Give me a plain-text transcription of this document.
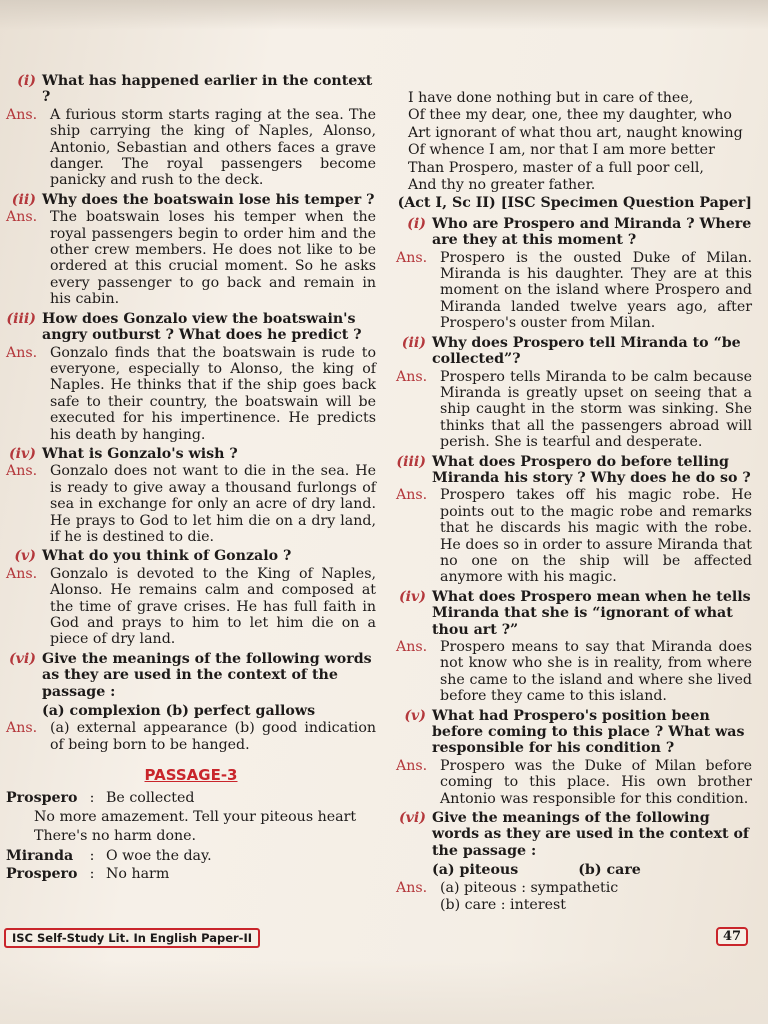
(i) What has happened earlier in the context ?
Ans. A furious storm starts raging at the sea. The ship carrying the king of Naples, Alonso, Antonio, Sebastian and others faces a grave danger. The royal passengers become panicky and rush to the deck.
(ii) Why does the boatswain lose his temper ?
Ans. The boatswain loses his temper when the royal passengers begin to order him and the other crew members. He does not like to be ordered at this crucial moment. So he asks every passenger to go back and remain in his cabin.
(iii) How does Gonzalo view the boatswain's angry outburst ? What does he predict ?
Ans. Gonzalo finds that the boatswain is rude to everyone, especially to Alonso, the king of Naples. He thinks that if the ship goes back safe to their country, the boatswain will be executed for his impertinence. He predicts his death by hanging.
(iv) What is Gonzalo's wish ?
Ans. Gonzalo does not want to die in the sea. He is ready to give away a thousand furlongs of sea in exchange for only an acre of dry land. He prays to God to let him die on a dry land, if he is destined to die.
(v) What do you think of Gonzalo ?
Ans. Gonzalo is devoted to the King of Naples, Alonso. He remains calm and composed at the time of grave crises. He has full faith in God and prays to him to let him die on a piece of dry land.
(vi) Give the meanings of the following words as they are used in the context of the passage :
(a) complexion (b) perfect gallows
Ans. (a) external appearance (b) good indication of being born to be hanged.
PASSAGE-3
Prospero : Be collected
No more amazement. Tell your piteous heart
There's no harm done.
Miranda	: O woe the day.
Prospero : No harm
I have done nothing but in care of thee,
Of thee my dear, one, thee my daughter, who
Art ignorant of what thou art, naught knowing
Of whence I am, nor that I am more better
Than Prospero, master of a full poor cell,
And thy no greater father.
(Act I, Sc II) [ISC Specimen Question Paper]
(i) Who are Prospero and Miranda ? Where are they at this moment ?
Ans. Prospero is the ousted Duke of Milan. Miranda is his daughter. They are at this moment on the island where Prospero and Miranda landed twelve years ago, after Prospero's ouster from Milan.
(ii) Why does Prospero tell Miranda to “be collected”?
Ans. Prospero tells Miranda to be calm because Miranda is greatly upset on seeing that a ship caught in the storm was sinking. She thinks that all the passengers abroad will perish. She is tearful and desperate.
(iii) What does Prospero do before telling Miranda his story ? Why does he do so ?
Ans. Prospero takes off his magic robe. He points out to the magic robe and remarks that he discards his magic with the robe. He does so in order to assure Miranda that no one on the ship will be affected anymore with his magic.
(iv) What does Prospero mean when he tells Miranda that she is “ignorant of what thou art ?”
Ans. Prospero means to say that Miranda does not know who she is in reality, from where she came to the island and where she lived before they came to this island.
(v) What had Prospero's position been before coming to this place ? What was responsible for his condition ?
Ans. Prospero was the Duke of Milan before coming to this place. His own brother Antonio was responsible for this condition.
(vi) Give the meanings of the following words as they are used in the context of the passage :
(a) piteous	(b) care
Ans. (a) piteous : sympathetic
(b) care : interest
ISC Self-Study Lit. In English Paper-II	47
